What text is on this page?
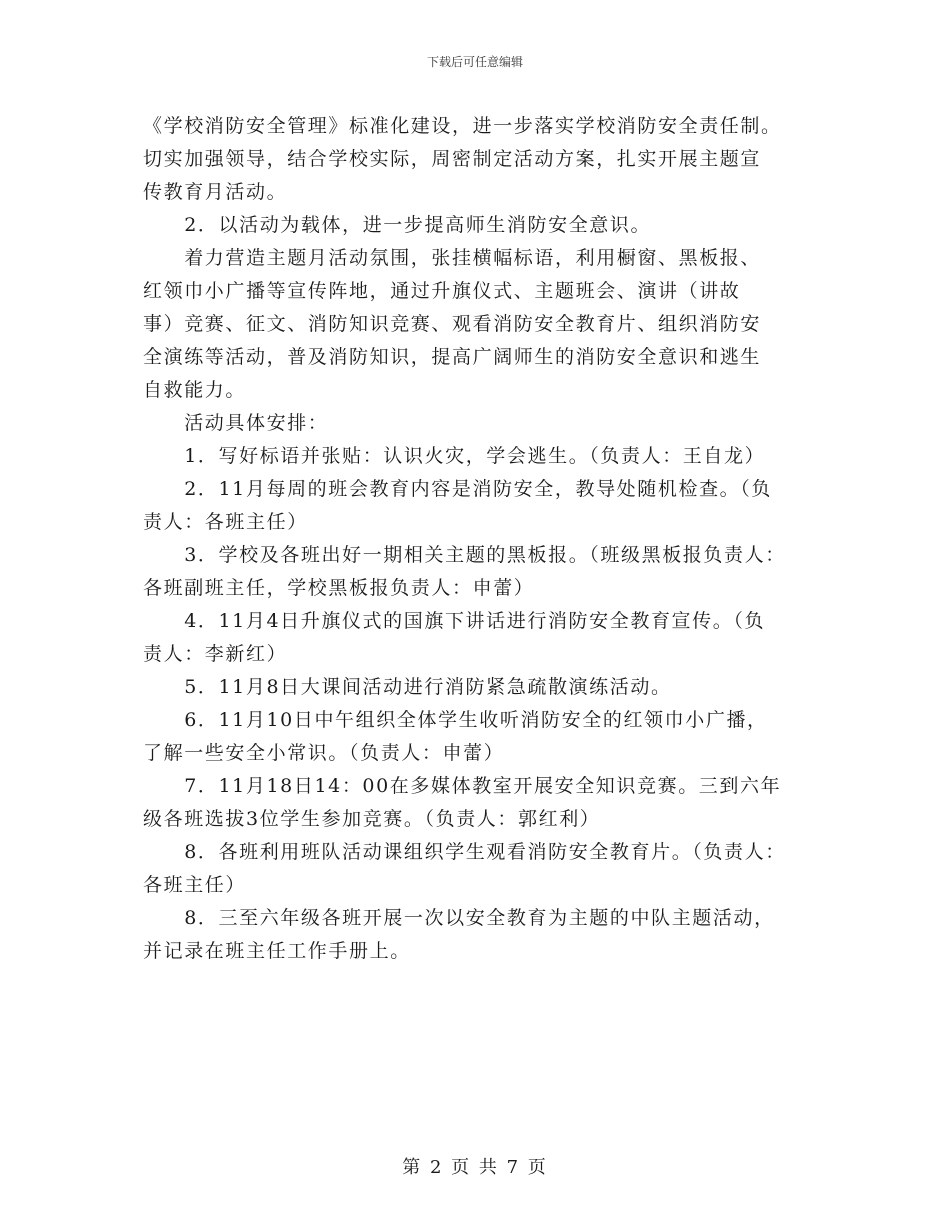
下载后可任意编辑

《学校消防安全管理》标准化建设，进一步落实学校消防安全责任制。
切实加强领导，结合学校实际，周密制定活动方案，扎实开展主题宣
传教育月活动。

　　2．以活动为载体，进一步提高师生消防安全意识。

　　着力营造主题月活动氛围，张挂横幅标语，利用橱窗、黑板报、
红领巾小广播等宣传阵地，通过升旗仪式、主题班会、演讲（讲故
事）竞赛、征文、消防知识竞赛、观看消防安全教育片、组织消防安
全演练等活动，普及消防知识，提高广阔师生的消防安全意识和逃生
自救能力。

　　活动具体安排：

　　1．写好标语并张贴：认识火灾，学会逃生。（负责人：王自龙）

　　2．11月每周的班会教育内容是消防安全，教导处随机检查。（负
责人：各班主任）

　　3．学校及各班出好一期相关主题的黑板报。（班级黑板报负责人：
各班副班主任，学校黑板报负责人：申蕾）

　　4．11月4日升旗仪式的国旗下讲话进行消防安全教育宣传。（负
责人：李新红）

　　5．11月8日大课间活动进行消防紧急疏散演练活动。

　　6．11月10日中午组织全体学生收听消防安全的红领巾小广播，
了解一些安全小常识。（负责人：申蕾）

　　7．11月18日14：00在多媒体教室开展安全知识竞赛。三到六年
级各班选拔3位学生参加竞赛。（负责人：郭红利）

　　8．各班利用班队活动课组织学生观看消防安全教育片。（负责人：
各班主任）

　　8．三至六年级各班开展一次以安全教育为主题的中队主题活动，
并记录在班主任工作手册上。

第 2 页 共 7 页
